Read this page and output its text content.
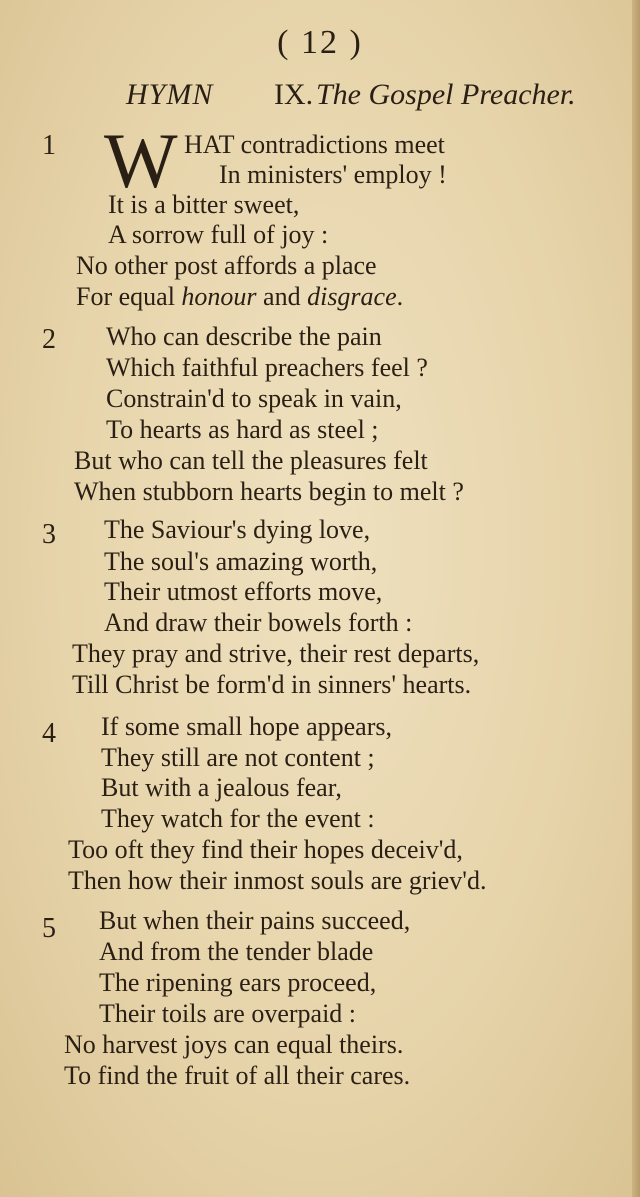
( 12 )
HYMN IX. The Gospel Preacher.
1 W HAT contradictions meet
In ministers' employ !
It is a bitter sweet,
A sorrow full of joy :
No other post affords a place
For equal honour and disgrace.
2 Who can describe the pain
Which faithful preachers feel ?
Constrain'd to speak in vain,
To hearts as hard as steel ;
But who can tell the pleasures felt
When stubborn hearts begin to melt ?
3 The Saviour's dying love,
The soul's amazing worth,
Their utmost efforts move,
And draw their bowels forth :
They pray and strive, their rest departs,
Till Christ be form'd in sinners' hearts.
4 If some small hope appears,
They still are not content ;
But with a jealous fear,
They watch for the event :
Too oft they find their hopes deceiv'd,
Then how their inmost souls are griev'd.
5 But when their pains succeed,
And from the tender blade
The ripening ears proceed,
Their toils are overpaid :
No harvest joys can equal theirs.
To find the fruit of all their cares.
